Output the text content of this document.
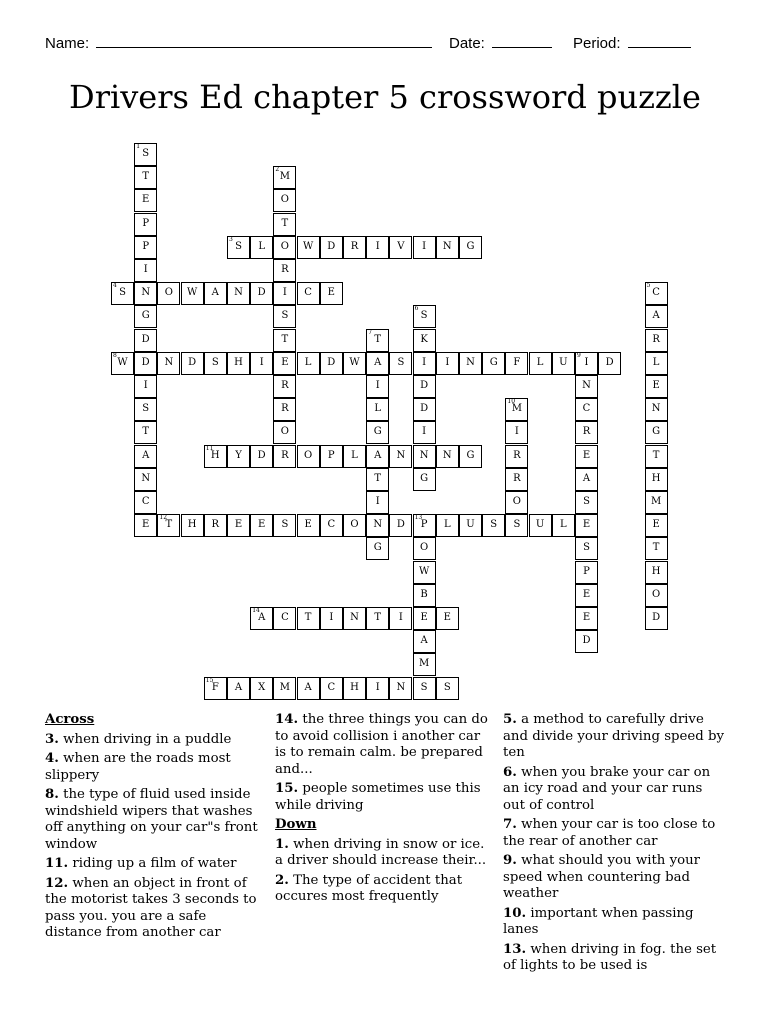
Name:	Date:	Period:
Drivers Ed chapter 5 crossword puzzle
1
S
T
E
P
P
I
N
G
D
D
I
S
T
A
N
C
E
2
M
O
T
O
R
I
S
T
E
R
R
O
R
3
S	L	W	D	R	I	V	I	N	G
4
S	O	W	A	N	D	C	E
5
C
A
R
L
E
N
G
T
H
M
E
T
H
O
D
6
S
K
I
D
D
I
N
G
7
T
A
I
L
G
A
T
I
N
G
8
W	N	D	S	H	I	L	D	W	S	I	N	G	F	L	U
9
I	D
N
C
R
E
A
S
E
S
P
E
E
D
10
M
I
R
R
O
S
11
H	Y	D	O	P	L	N	N	G
12
T	H	R	E	E	S	E	C	O	D
13
P	L	U	S	U	L
O
W
B
E
A
M
S
14
A	C	T	I	N	T	I	E
15
F	A	X	M	A	C	H	I	N	S
Across
3. when driving in a puddle
4. when are the roads most slippery
8. the type of fluid used inside windshield wipers that washes off anything on your car"s front window
11. riding up a film of water
12. when an object in front of the motorist takes 3 seconds to pass you. you are a safe distance from another car
14. the three things you can do to avoid collision i another car is to remain calm. be prepared and...
15. people sometimes use this while driving
Down
1. when driving in snow or ice. a driver should increase their...
2. The type of accident that occures most frequently
5. a method to carefully drive and divide your driving speed by ten
6. when you brake your car on an icy road and your car runs out of control
7. when your car is too close to the rear of another car
9. what should you with your speed when countering bad weather
10. important when passing lanes
13. when driving in fog. the set of lights to be used is
